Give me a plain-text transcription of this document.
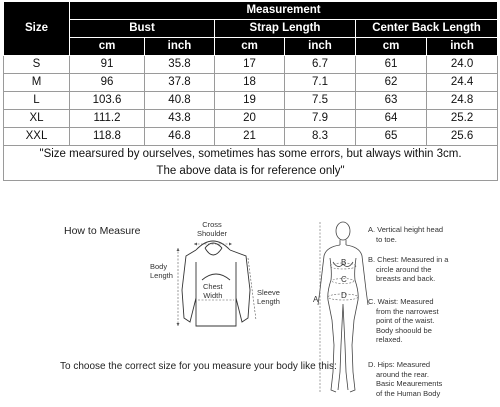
Size	Measurement					
	Bust		Strap Length		Center Back Length	
	cm	inch	cm	inch	cm	inch
S	91	35.8	17	6.7	61	24.0
M	96	37.8	18	7.1	62	24.4
L	103.6	40.8	19	7.5	63	24.8
XL	111.2	43.8	20	7.9	64	25.2
XXL	118.8	46.8	21	8.3	65	25.6
"Size mearsured by ourselves, sometimes has some errors, but always within 3cm.
The above data is for reference only"						
How to Measure
Cross
Shoulder
Body
Length
Chest
Width	Sleeve
Length
To choose the correct size for you measure your body like this:
A
B
C
D
A. Vertical height head
to toe.
B. Chest: Measured in a
circle around the
breasts and back.
C. Waist: Measured
from the narrowest
point of the waist.
Body shoould be
relaxed.
D. Hips: Measured
around the rear.
Basic Meaurements
of the Human Body
